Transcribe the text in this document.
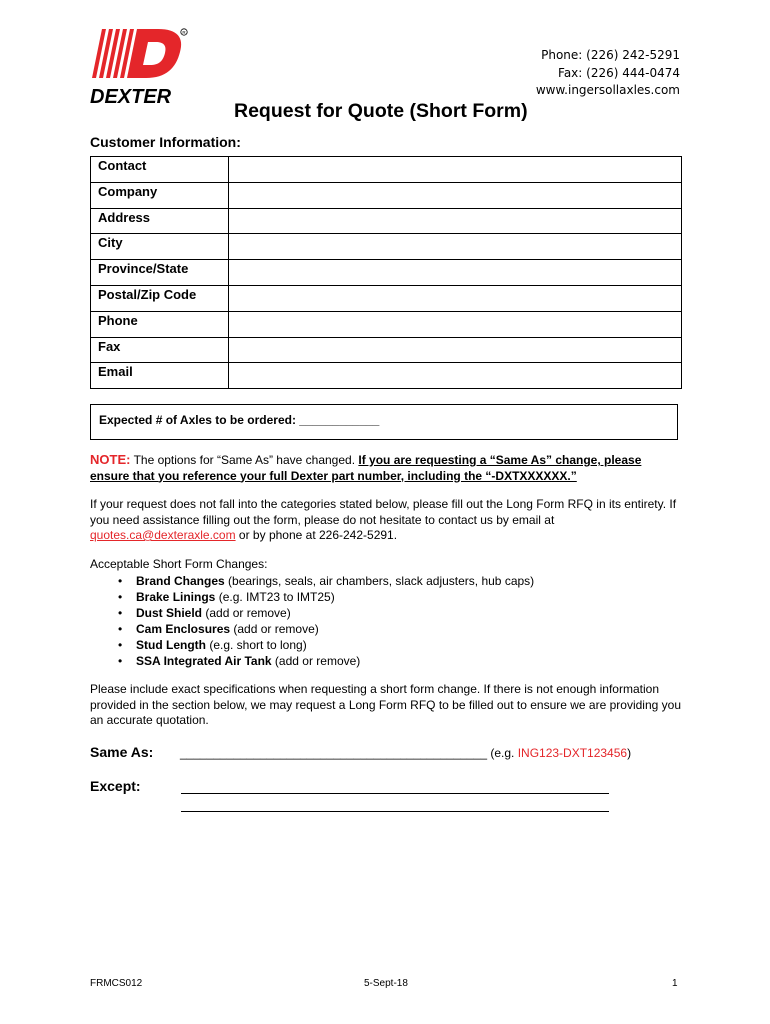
R
DEXTER
Phone: (226) 242-5291
Fax: (226) 444-0474
www.ingersollaxles.com
Request for Quote (Short Form)
Customer Information:
Contact	
Company	
Address	
City	
Province/State	
Postal/Zip Code	
Phone	
Fax	
Email	
Expected # of Axles to be ordered: ____________
NOTE: The options for “Same As” have changed. If you are requesting a “Same As” change, please ensure that you reference your full Dexter part number, including the “-DXTXXXXXX.”
If your request does not fall into the categories stated below, please fill out the Long Form RFQ in its entirety. If you need assistance filling out the form, please do not hesitate to contact us by email at quotes.ca@dexteraxle.com or by phone at 226-242-5291.
Acceptable Short Form Changes:
• Brand Changes (bearings, seals, air chambers, slack adjusters, hub caps)
• Brake Linings (e.g. IMT23 to IMT25)
• Dust Shield (add or remove)
• Cam Enclosures (add or remove)
• Stud Length (e.g. short to long)
• SSA Integrated Air Tank (add or remove)
Please include exact specifications when requesting a short form change. If there is not enough information provided in the section below, we may request a Long Form RFQ to be filled out to ensure we are providing you an accurate quotation.
Same As: ______________________________________________ (e.g. ING123-DXT123456)
Except:
FRMCS012	5-Sept-18	1
